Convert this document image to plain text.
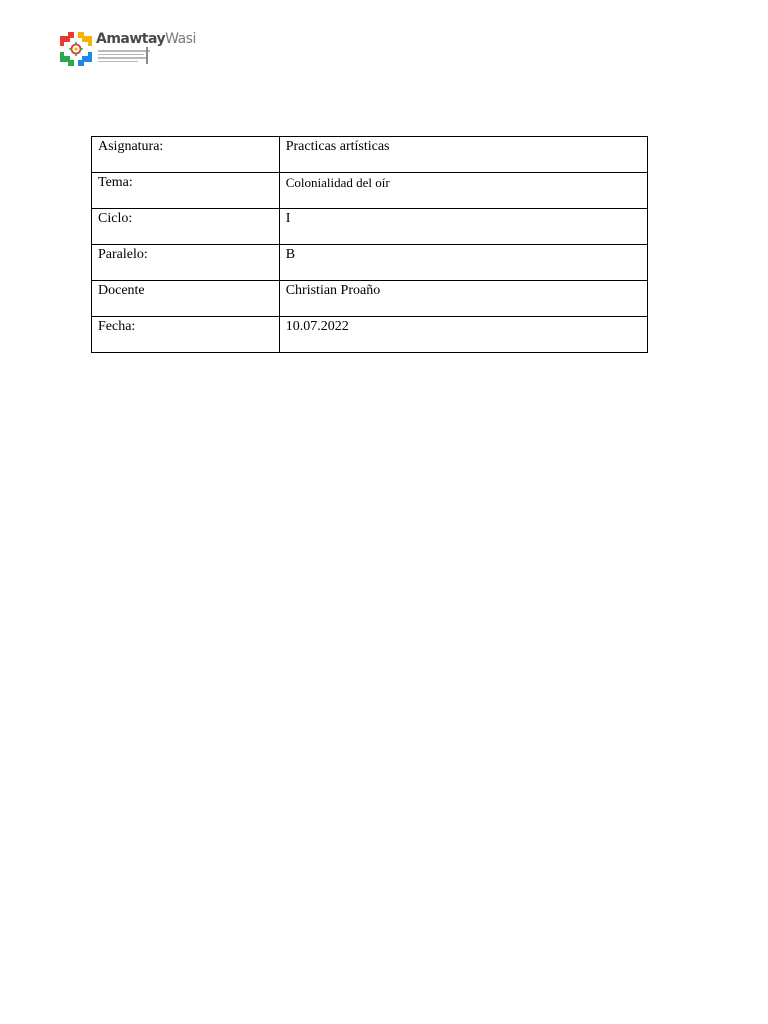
AmawtayWasi
Asignatura:	Practicas artísticas
Tema:	Colonialidad del oír
Ciclo:	I
Paralelo:	B
Docente	Christian Proaño
Fecha:	10.07.2022
